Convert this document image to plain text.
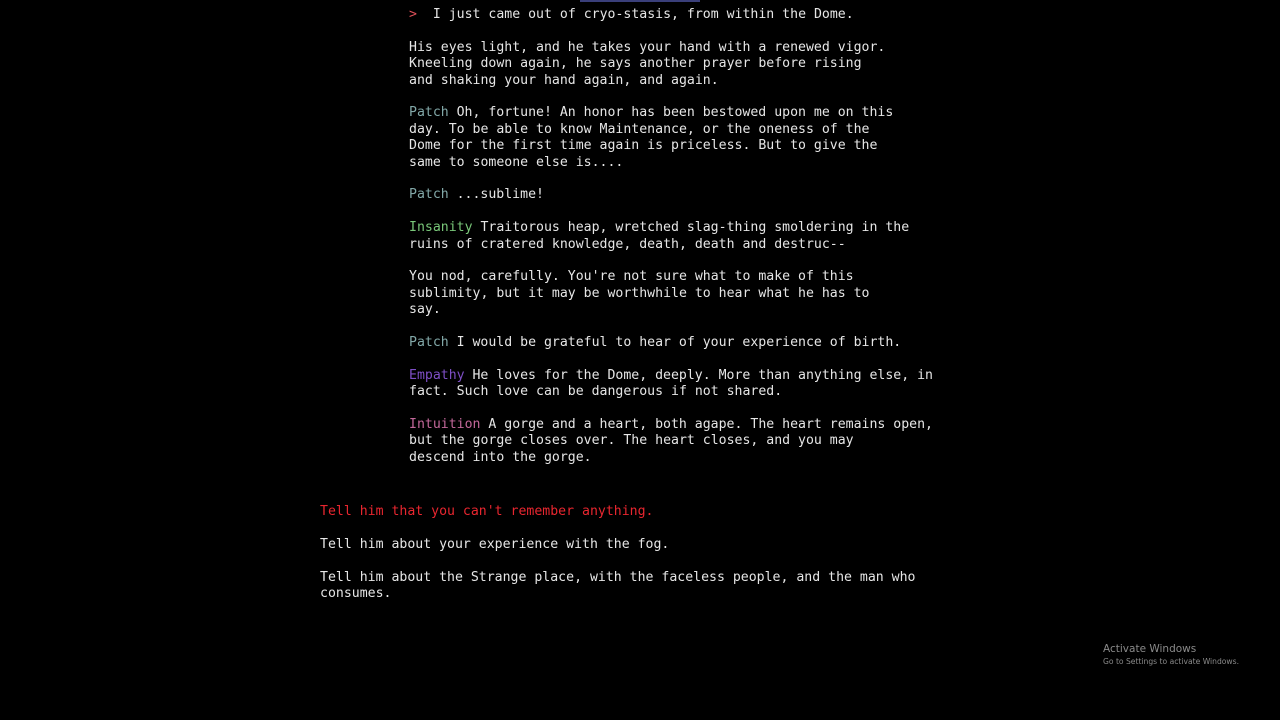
> I just came out of cryo-stasis, from within the Dome.

His eyes light, and he takes your hand with a renewed vigor.
Kneeling down again, he says another prayer before rising
and shaking your hand again, and again.

Patch Oh, fortune! An honor has been bestowed upon me on this
day. To be able to know Maintenance, or the oneness of the
Dome for the first time again is priceless. But to give the
same to someone else is....

Patch ...sublime!

Insanity Traitorous heap, wretched slag-thing smoldering in the
ruins of cratered knowledge, death, death and destruc--

You nod, carefully. You're not sure what to make of this
sublimity, but it may be worthwhile to hear what he has to
say.

Patch I would be grateful to hear of your experience of birth.

Empathy He loves for the Dome, deeply. More than anything else, in
fact. Such love can be dangerous if not shared.

Intuition A gorge and a heart, both agape. The heart remains open,
but the gorge closes over. The heart closes, and you may
descend into the gorge.

Tell him that you can't remember anything.
Tell him about your experience with the fog.
Tell him about the Strange place, with the faceless people, and the man who
consumes.
Activate Windows
Go to Settings to activate Windows.
